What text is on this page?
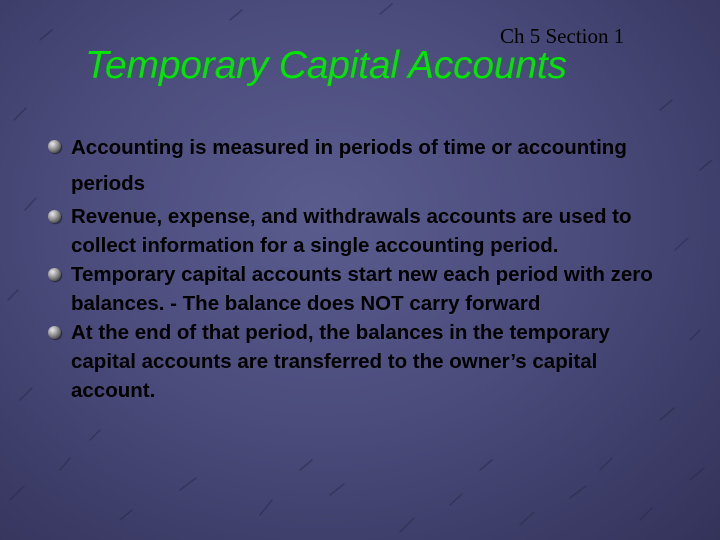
Ch 5 Section 1
Temporary Capital Accounts
Accounting is measured in periods of time or accounting periods
Revenue, expense, and withdrawals accounts are used to collect information for a single accounting period.
Temporary capital accounts start new each period with zero balances. - The balance does NOT carry forward
At the end of that period, the balances in the temporary capital accounts are transferred to the owner’s capital account.
